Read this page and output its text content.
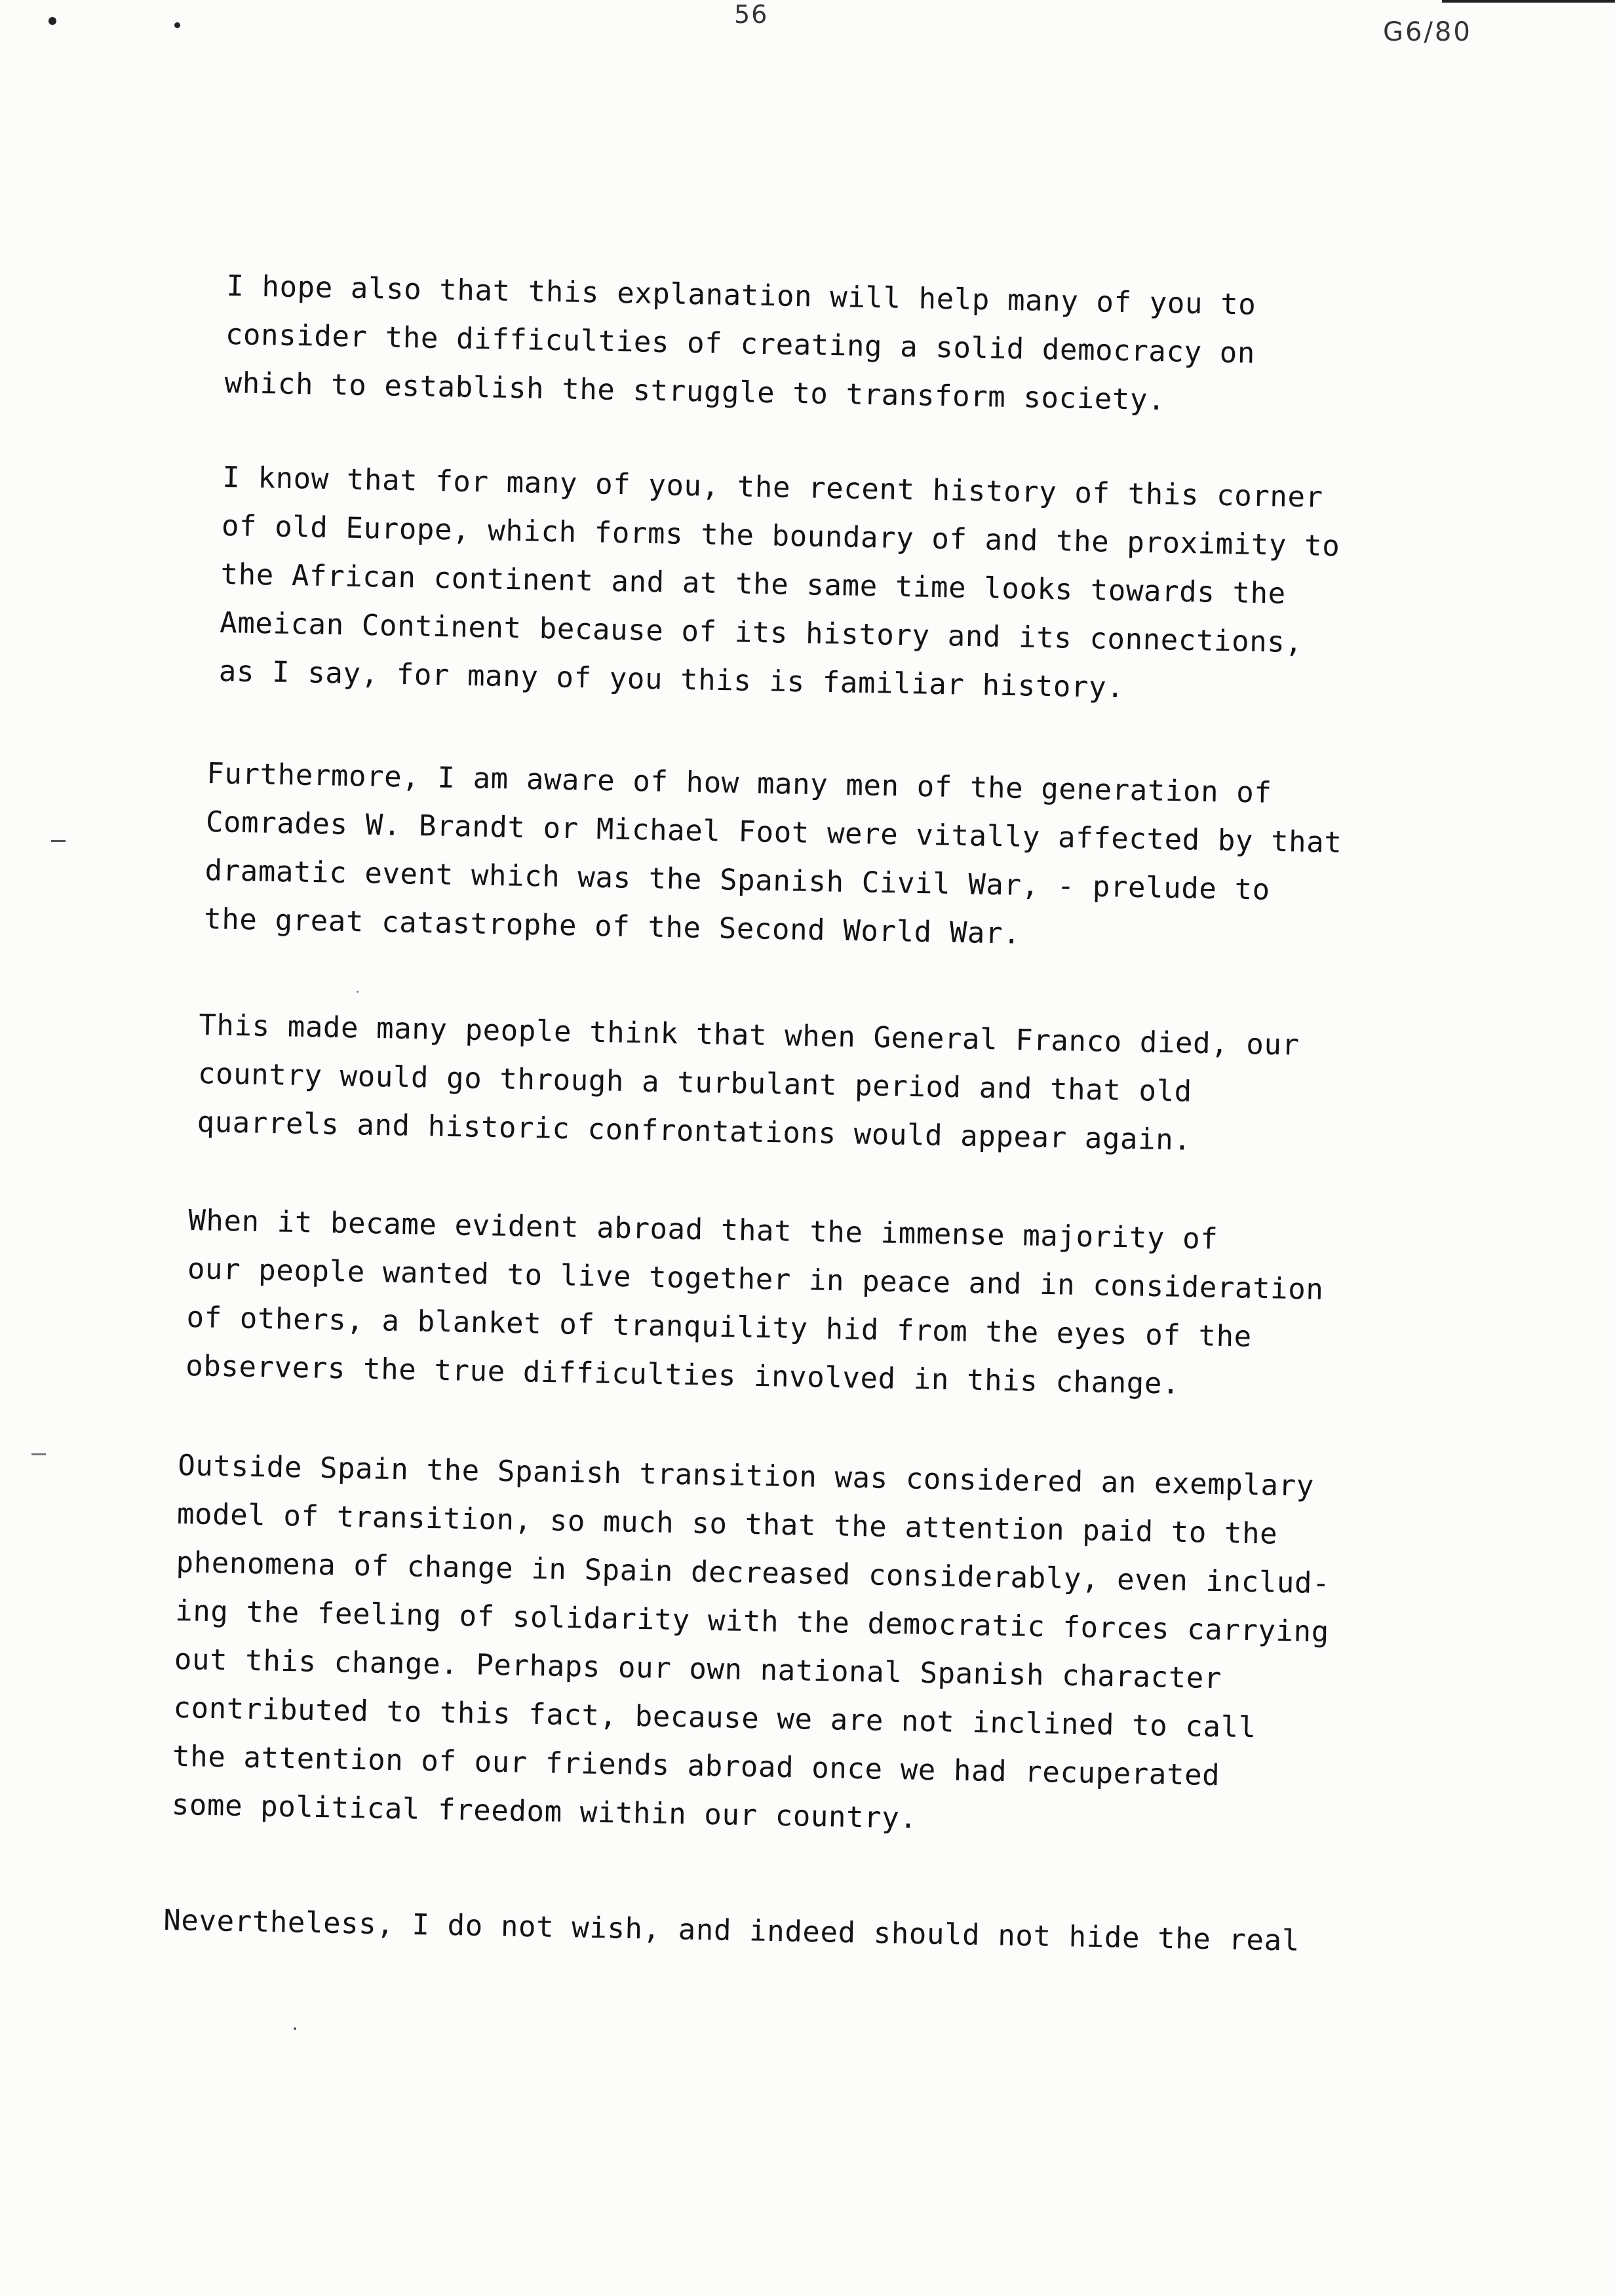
56
G6/80

I hope also that this explanation will help many of you to
consider the difficulties of creating a solid democracy on
which to establish the struggle to transform society.

I know that for many of you, the recent history of this corner
of old Europe, which forms the boundary of and the proximity to
the African continent and at the same time looks towards the
Ameican Continent because of its history and its connections,
as I say, for many of you this is familiar history.

Furthermore, I am aware of how many men of the generation of
Comrades W. Brandt or Michael Foot were vitally affected by that
dramatic event which was the Spanish Civil War, - prelude to
the great catastrophe of the Second World War.

This made many people think that when General Franco died, our
country would go through a turbulant period and that old
quarrels and historic confrontations would appear again.

When it became evident abroad that the immense majority of
our people wanted to live together in peace and in consideration
of others, a blanket of tranquility hid from the eyes of the
observers the true difficulties involved in this change.

Outside Spain the Spanish transition was considered an exemplary
model of transition, so much so that the attention paid to the
phenomena of change in Spain decreased considerably, even includ-
ing the feeling of solidarity with the democratic forces carrying
out this change. Perhaps our own national Spanish character
contributed to this fact, because we are not inclined to call
the attention of our friends abroad once we had recuperated
some political freedom within our country.

Nevertheless, I do not wish, and indeed should not hide the real
